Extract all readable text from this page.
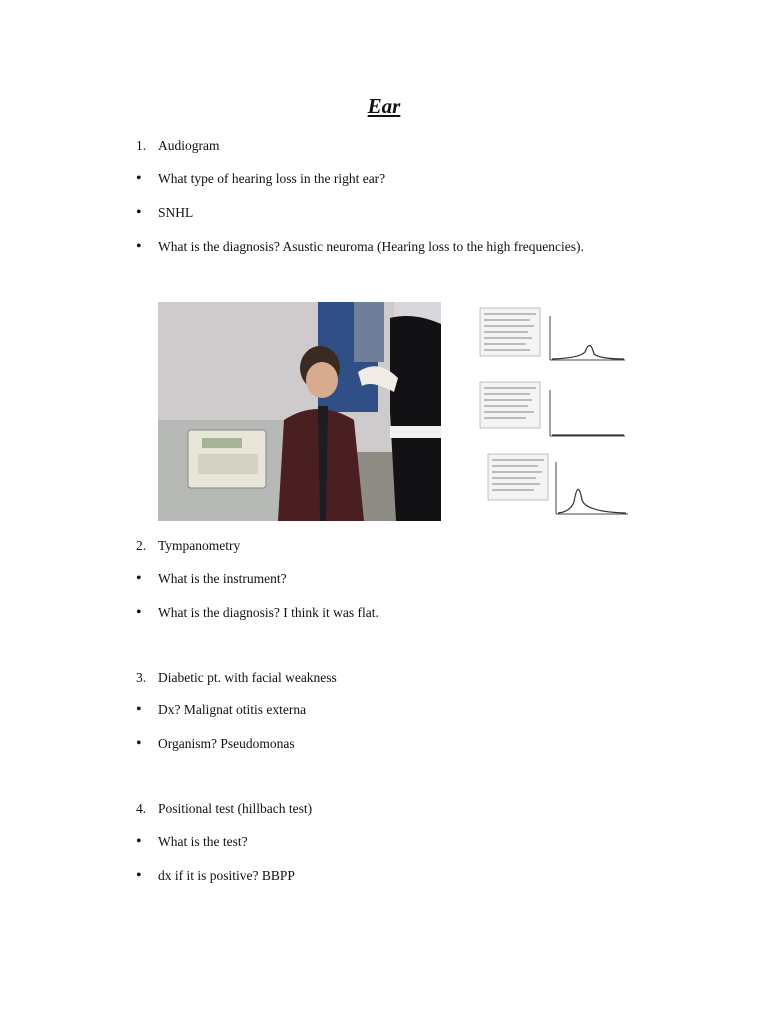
Ear
1. Audiogram
• What type of hearing loss in the right ear?
• SNHL
• What is the diagnosis? Asustic neuroma (Hearing loss to the high frequencies).
2. Tympanometry
• What is the instrument?
• What is the diagnosis? I think it was flat.
3. Diabetic pt. with facial weakness
• Dx? Malignat otitis externa
• Organism? Pseudomonas
4. Positional test (hillbach test)
• What is the test?
• dx if it is positive? BBPP
